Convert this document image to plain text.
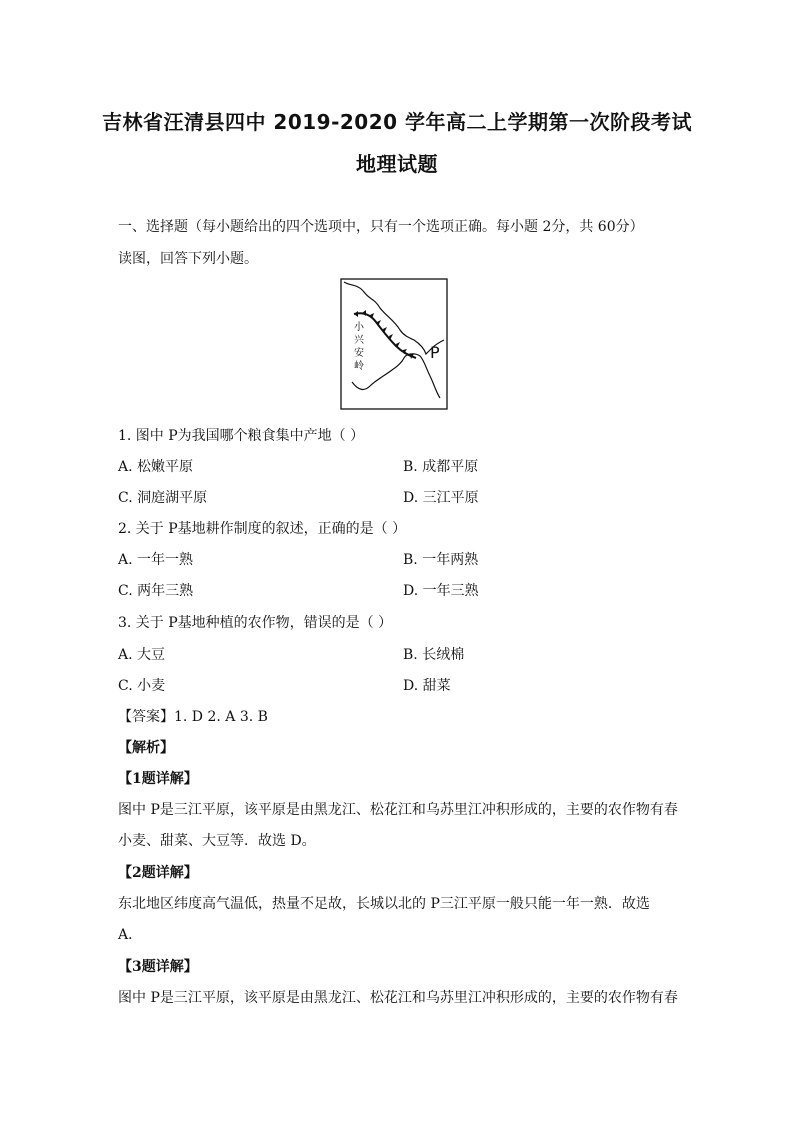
吉林省汪清县四中 2019-2020 学年高二上学期第一次阶段考试
地理试题
一、选择题（每小题给出的四个选项中，只有一个选项正确。每小题 2分，共 60分）
读图，回答下列小题。
小
兴
安
岭
P
1. 图中 P为我国哪个粮食集中产地（ ）
A. 松嫩平原	B. 成都平原
C. 洞庭湖平原	D. 三江平原
2. 关于 P基地耕作制度的叙述，正确的是（ ）
A. 一年一熟	B. 一年两熟
C. 两年三熟	D. 一年三熟
3. 关于 P基地种植的农作物，错误的是（ ）
A. 大豆	B. 长绒棉
C. 小麦	D. 甜菜
【答案】1. D 2. A 3. B
【解析】
【1题详解】
图中 P是三江平原，该平原是由黑龙江、松花江和乌苏里江冲积形成的，主要的农作物有春
小麦、甜菜、大豆等．故选 D。
【2题详解】
东北地区纬度高气温低，热量不足故，长城以北的 P三江平原一般只能一年一熟．故选
A．
【3题详解】
图中 P是三江平原，该平原是由黑龙江、松花江和乌苏里江冲积形成的，主要的农作物有春
